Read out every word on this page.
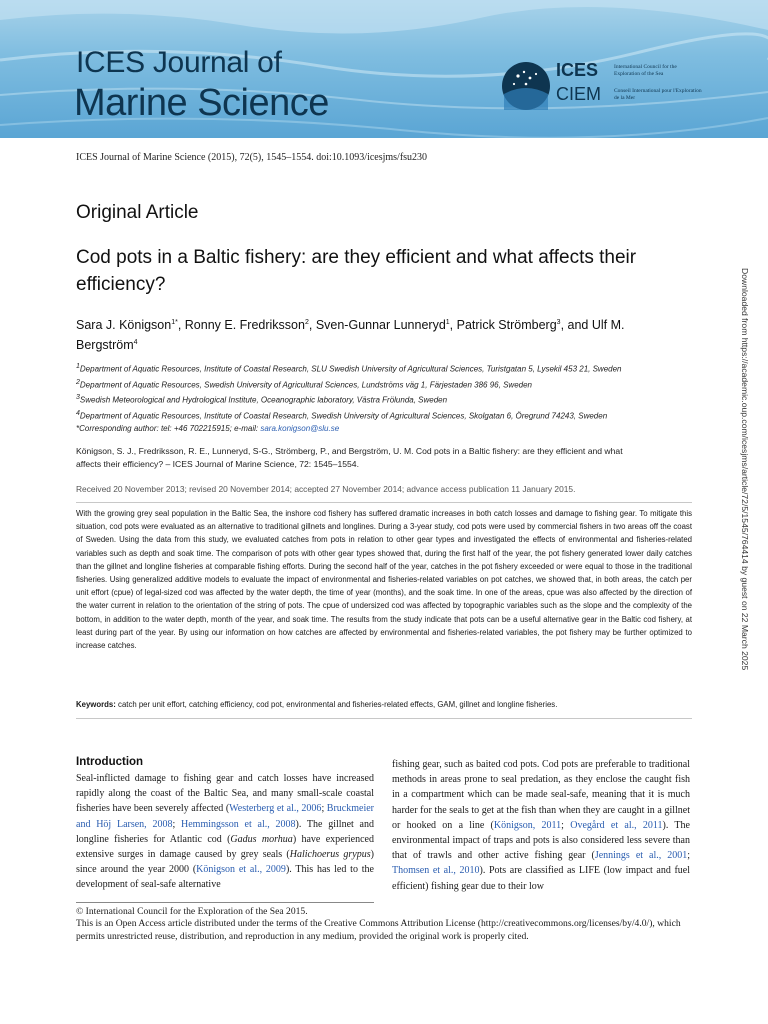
ICES Journal of
Marine Science
ICES
CIEM
International Council for the Exploration of the Sea
Conseil International pour l'Exploration de la Mer
ICES Journal of Marine Science (2015), 72(5), 1545–1554. doi:10.1093/icesjms/fsu230
Original Article
Cod pots in a Baltic fishery: are they efficient and what affects their efficiency?
Sara J. Königson$^{1*}$, Ronny E. Fredriksson$^2$, Sven-Gunnar Lunneryd$^1$, Patrick Strömberg$^3$, and Ulf M. Bergström$^4$
$^1$Department of Aquatic Resources, Institute of Coastal Research, SLU Swedish University of Agricultural Sciences, Turistgatan 5, Lysekil 453 21, Sweden
$^2$Department of Aquatic Resources, Swedish University of Agricultural Sciences, Lundströms väg 1, Färjestaden 386 96, Sweden
$^3$Swedish Meteorological and Hydrological Institute, Oceanographic laboratory, Västra Frölunda, Sweden
$^4$Department of Aquatic Resources, Institute of Coastal Research, Swedish University of Agricultural Sciences, Skolgatan 6, Öregrund 74243, Sweden
*Corresponding author: tel: +46 702215915; e-mail: sara.konigson@slu.se
Königson, S. J., Fredriksson, R. E., Lunneryd, S-G., Strömberg, P., and Bergström, U. M. Cod pots in a Baltic fishery: are they efficient and what affects their efficiency? – ICES Journal of Marine Science, 72: 1545–1554.
Received 20 November 2013; revised 20 November 2014; accepted 27 November 2014; advance access publication 11 January 2015.
With the growing grey seal population in the Baltic Sea, the inshore cod fishery has suffered dramatic increases in both catch losses and damage to fishing gear. To mitigate this situation, cod pots were evaluated as an alternative to traditional gillnets and longlines. During a 3-year study, cod pots were used by commercial fishers in two areas off the coast of Sweden. Using the data from this study, we evaluated catches from pots in relation to other gear types and investigated the effects of environmental and fisheries-related variables such as depth and soak time. The comparison of pots with other gear types showed that, during the first half of the year, the pot fishery generated lower daily catches than the gillnet and longline fisheries at comparable fishing efforts. During the second half of the year, catches in the pot fishery exceeded or were equal to those in the traditional fisheries. Using generalized additive models to evaluate the impact of environmental and fisheries-related variables on pot catches, we showed that, in both areas, the catch per unit effort (cpue) of legal-sized cod was affected by the water depth, the time of year (months), and the soak time. In one of the areas, cpue was also affected by the direction of the water current in relation to the orientation of the string of pots. The cpue of undersized cod was affected by topographic variables such as the slope and the complexity of the bottom, in addition to the water depth, month of the year, and soak time. The results from the study indicate that pots can be a useful alternative gear in the Baltic cod fishery, at least during part of the year. By using our information on how catches are affected by environmental and fisheries-related variables, the pot fishery may be further optimized to increase catches.
Keywords: catch per unit effort, catching efficiency, cod pot, environmental and fisheries-related effects, GAM, gillnet and longline fisheries.
Introduction
Seal-inflicted damage to fishing gear and catch losses have increased rapidly along the coast of the Baltic Sea, and many small-scale coastal fisheries have been severely affected (Westerberg et al., 2006; Bruckmeier and Höj Larsen, 2008; Hemmingsson et al., 2008). The gillnet and longline fisheries for Atlantic cod (Gadus morhua) have experienced extensive surges in damage caused by grey seals (Halichoerus grypus) since around the year 2000 (Königson et al., 2009). This has led to the development of seal-safe alternative
fishing gear, such as baited cod pots. Cod pots are preferable to traditional methods in areas prone to seal predation, as they enclose the caught fish in a compartment which can be made seal-safe, meaning that it is much harder for the seals to get at the fish than when they are caught in a gillnet or hooked on a line (Königson, 2011; Ovegård et al., 2011). The environmental impact of traps and pots is also considered less severe than that of trawls and other active fishing gear (Jennings et al., 2001; Thomsen et al., 2010). Pots are classified as LIFE (low impact and fuel efficient) fishing gear due to their low
© International Council for the Exploration of the Sea 2015.
This is an Open Access article distributed under the terms of the Creative Commons Attribution License (http://creativecommons.org/licenses/by/4.0/), which permits unrestricted reuse, distribution, and reproduction in any medium, provided the original work is properly cited.
Downloaded from https://academic.oup.com/icesjms/article/72/5/1545/764414 by guest on 22 March 2025
